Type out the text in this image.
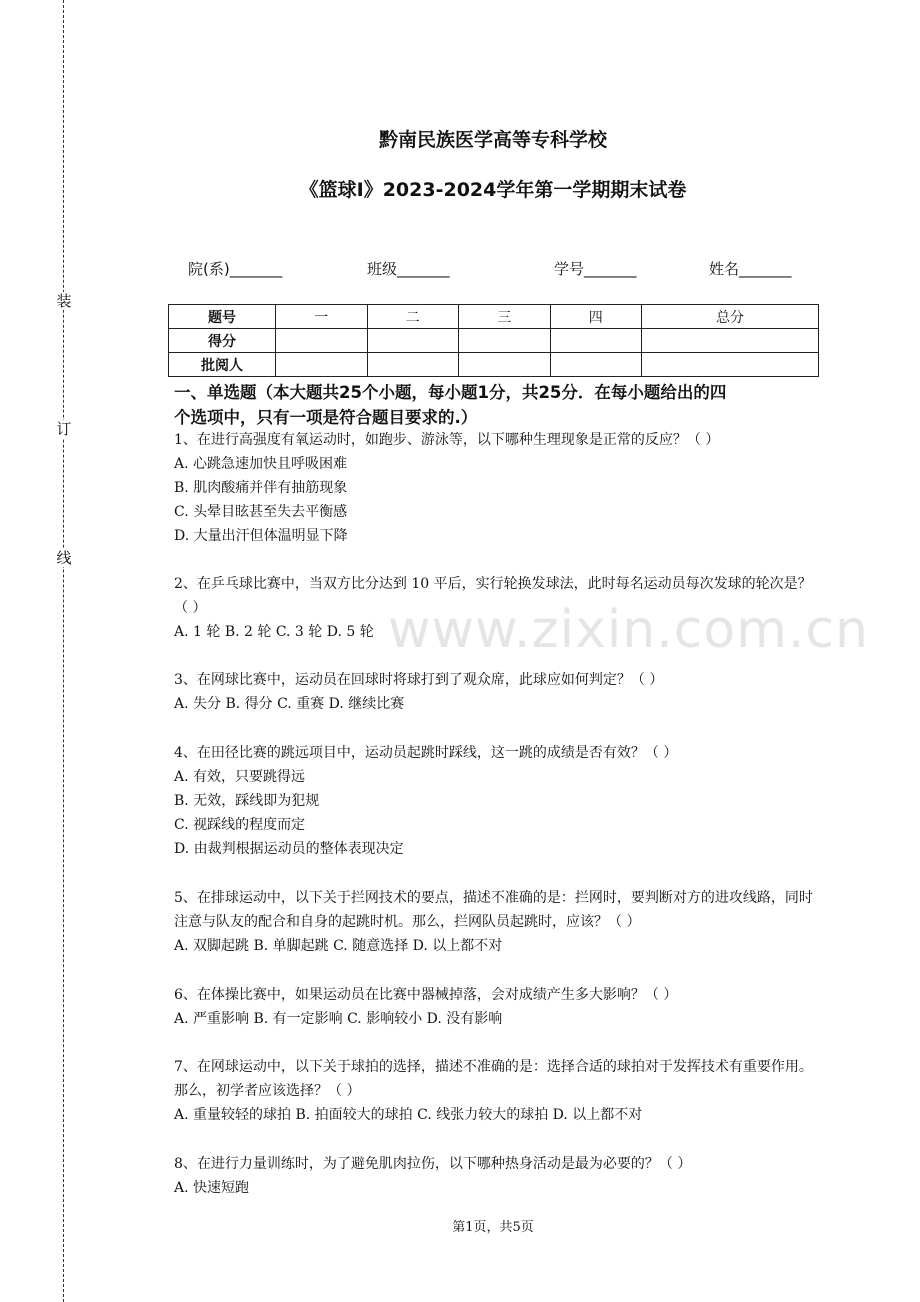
装
订
线
黔南民族医学高等专科学校
《篮球Ⅰ》2023-2024学年第一学期期末试卷
院(系)_______	班级_______	学号_______	姓名_______
题号	一	二	三	四	总分
得分					
批阅人					
一、单选题（本大题共25个小题，每小题1分，共25分．在每小题给出的四
个选项中，只有一项是符合题目要求的.）
1、在进行高强度有氧运动时，如跑步、游泳等，以下哪种生理现象是正常的反应？（ ）
A. 心跳急速加快且呼吸困难
B. 肌肉酸痛并伴有抽筋现象
C. 头晕目眩甚至失去平衡感
D. 大量出汗但体温明显下降
2、在乒乓球比赛中，当双方比分达到 10 平后，实行轮换发球法，此时每名运动员每次发球的轮次是？（ ）
A. 1 轮 B. 2 轮 C. 3 轮 D. 5 轮
3、在网球比赛中，运动员在回球时将球打到了观众席，此球应如何判定？（ ）
A. 失分 B. 得分 C. 重赛 D. 继续比赛
4、在田径比赛的跳远项目中，运动员起跳时踩线，这一跳的成绩是否有效？（ ）
A. 有效，只要跳得远
B. 无效，踩线即为犯规
C. 视踩线的程度而定
D. 由裁判根据运动员的整体表现决定
5、在排球运动中，以下关于拦网技术的要点，描述不准确的是：拦网时，要判断对方的进攻线路，同时注意与队友的配合和自身的起跳时机。那么，拦网队员起跳时，应该？（ ）
A. 双脚起跳 B. 单脚起跳 C. 随意选择 D. 以上都不对
6、在体操比赛中，如果运动员在比赛中器械掉落，会对成绩产生多大影响？（ ）
A. 严重影响 B. 有一定影响 C. 影响较小 D. 没有影响
7、在网球运动中，以下关于球拍的选择，描述不准确的是：选择合适的球拍对于发挥技术有重要作用。那么，初学者应该选择？（ ）
A. 重量较轻的球拍 B. 拍面较大的球拍 C. 线张力较大的球拍 D. 以上都不对
8、在进行力量训练时，为了避免肌肉拉伤，以下哪种热身活动是最为必要的？（ ）
A. 快速短跑
www.zixin.com.cn
第1页，共5页
